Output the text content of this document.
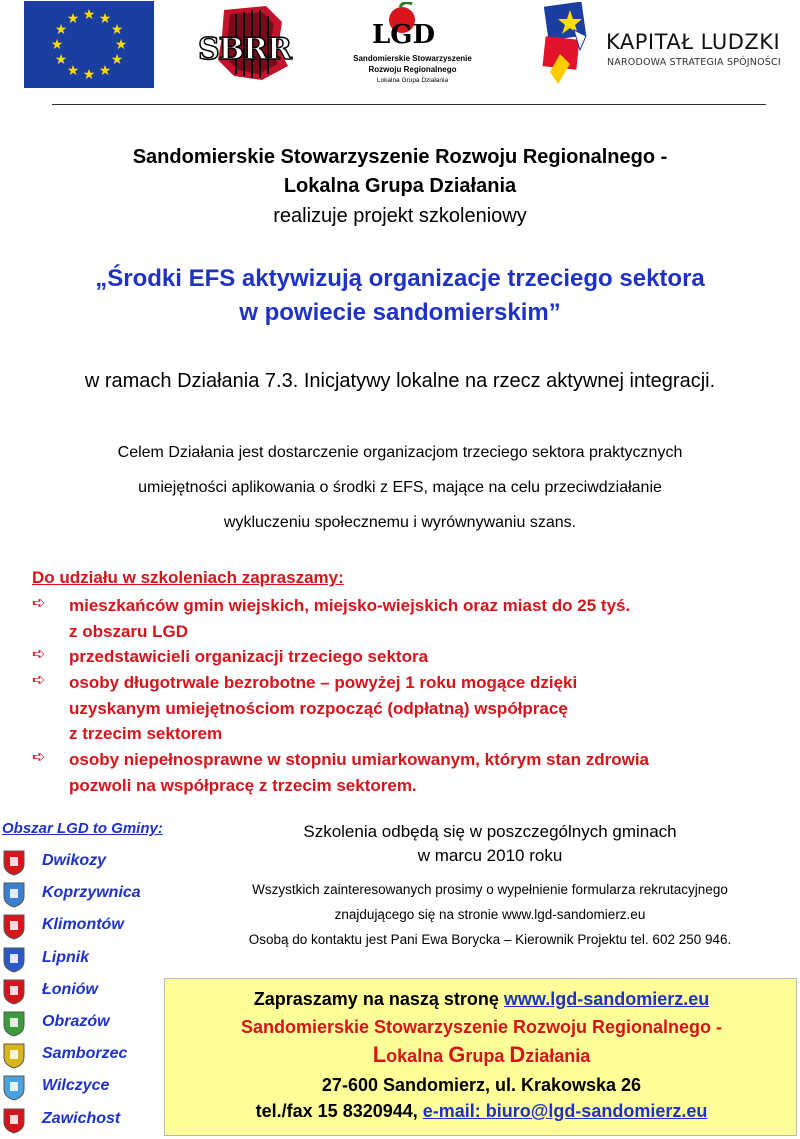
★ ★
★
★
★
★
★
★
★
★
★
★
SBRR	LGD
Sandomierskie Stowarzyszenie
Rozwoju Regionalnego
Lokalna Grupa Działania
KAPITAŁ LUDZKI
NARODOWA STRATEGIA SPÓJNOŚCI
Sandomierskie Stowarzyszenie Rozwoju Regionalnego -
Lokalna Grupa Działania
realizuje projekt szkoleniowy
„Środki EFS aktywizują organizacje trzeciego sektora
w powiecie sandomierskim”
w ramach Działania 7.3. Inicjatywy lokalne na rzecz aktywnej integracji.
Celem Działania jest dostarczenie organizacjom trzeciego sektora praktycznych
umiejętności aplikowania o środki z EFS, mające na celu przeciwdziałanie
wykluczeniu społecznemu i wyrównywaniu szans.
Do udziału w szkoleniach zapraszamy:
➪ mieszkańców gmin wiejskich, miejsko-wiejskich oraz miast do 25 tyś.
z obszaru LGD
➪ przedstawicieli organizacji trzeciego sektora
➪ osoby długotrwale bezrobotne – powyżej 1 roku mogące dzięki
uzyskanym umiejętnościom rozpocząć (odpłatną) współpracę
z trzecim sektorem
➪ osoby niepełnosprawne w stopniu umiarkowanym, którym stan zdrowia
pozwoli na współpracę z trzecim sektorem.
Obszar LGD to Gminy:
Dwikozy
Koprzywnica
Klimontów
Lipnik
Łoniów
Obrazów
Samborzec
Wilczyce
Zawichost
Szkolenia odbędą się w poszczególnych gminach
w marcu 2010 roku
Wszystkich zainteresowanych prosimy o wypełnienie formularza rekrutacyjnego
znajdującego się na stronie www.lgd-sandomierz.eu
Osobą do kontaktu jest Pani Ewa Borycka – Kierownik Projektu tel. 602 250 946.
Zapraszamy na naszą stronę www.lgd-sandomierz.eu
Sandomierskie Stowarzyszenie Rozwoju Regionalnego -
Lokalna Grupa Działania
27-600 Sandomierz, ul. Krakowska 26
tel./fax 15 8320944, e-mail: biuro@lgd-sandomierz.eu
